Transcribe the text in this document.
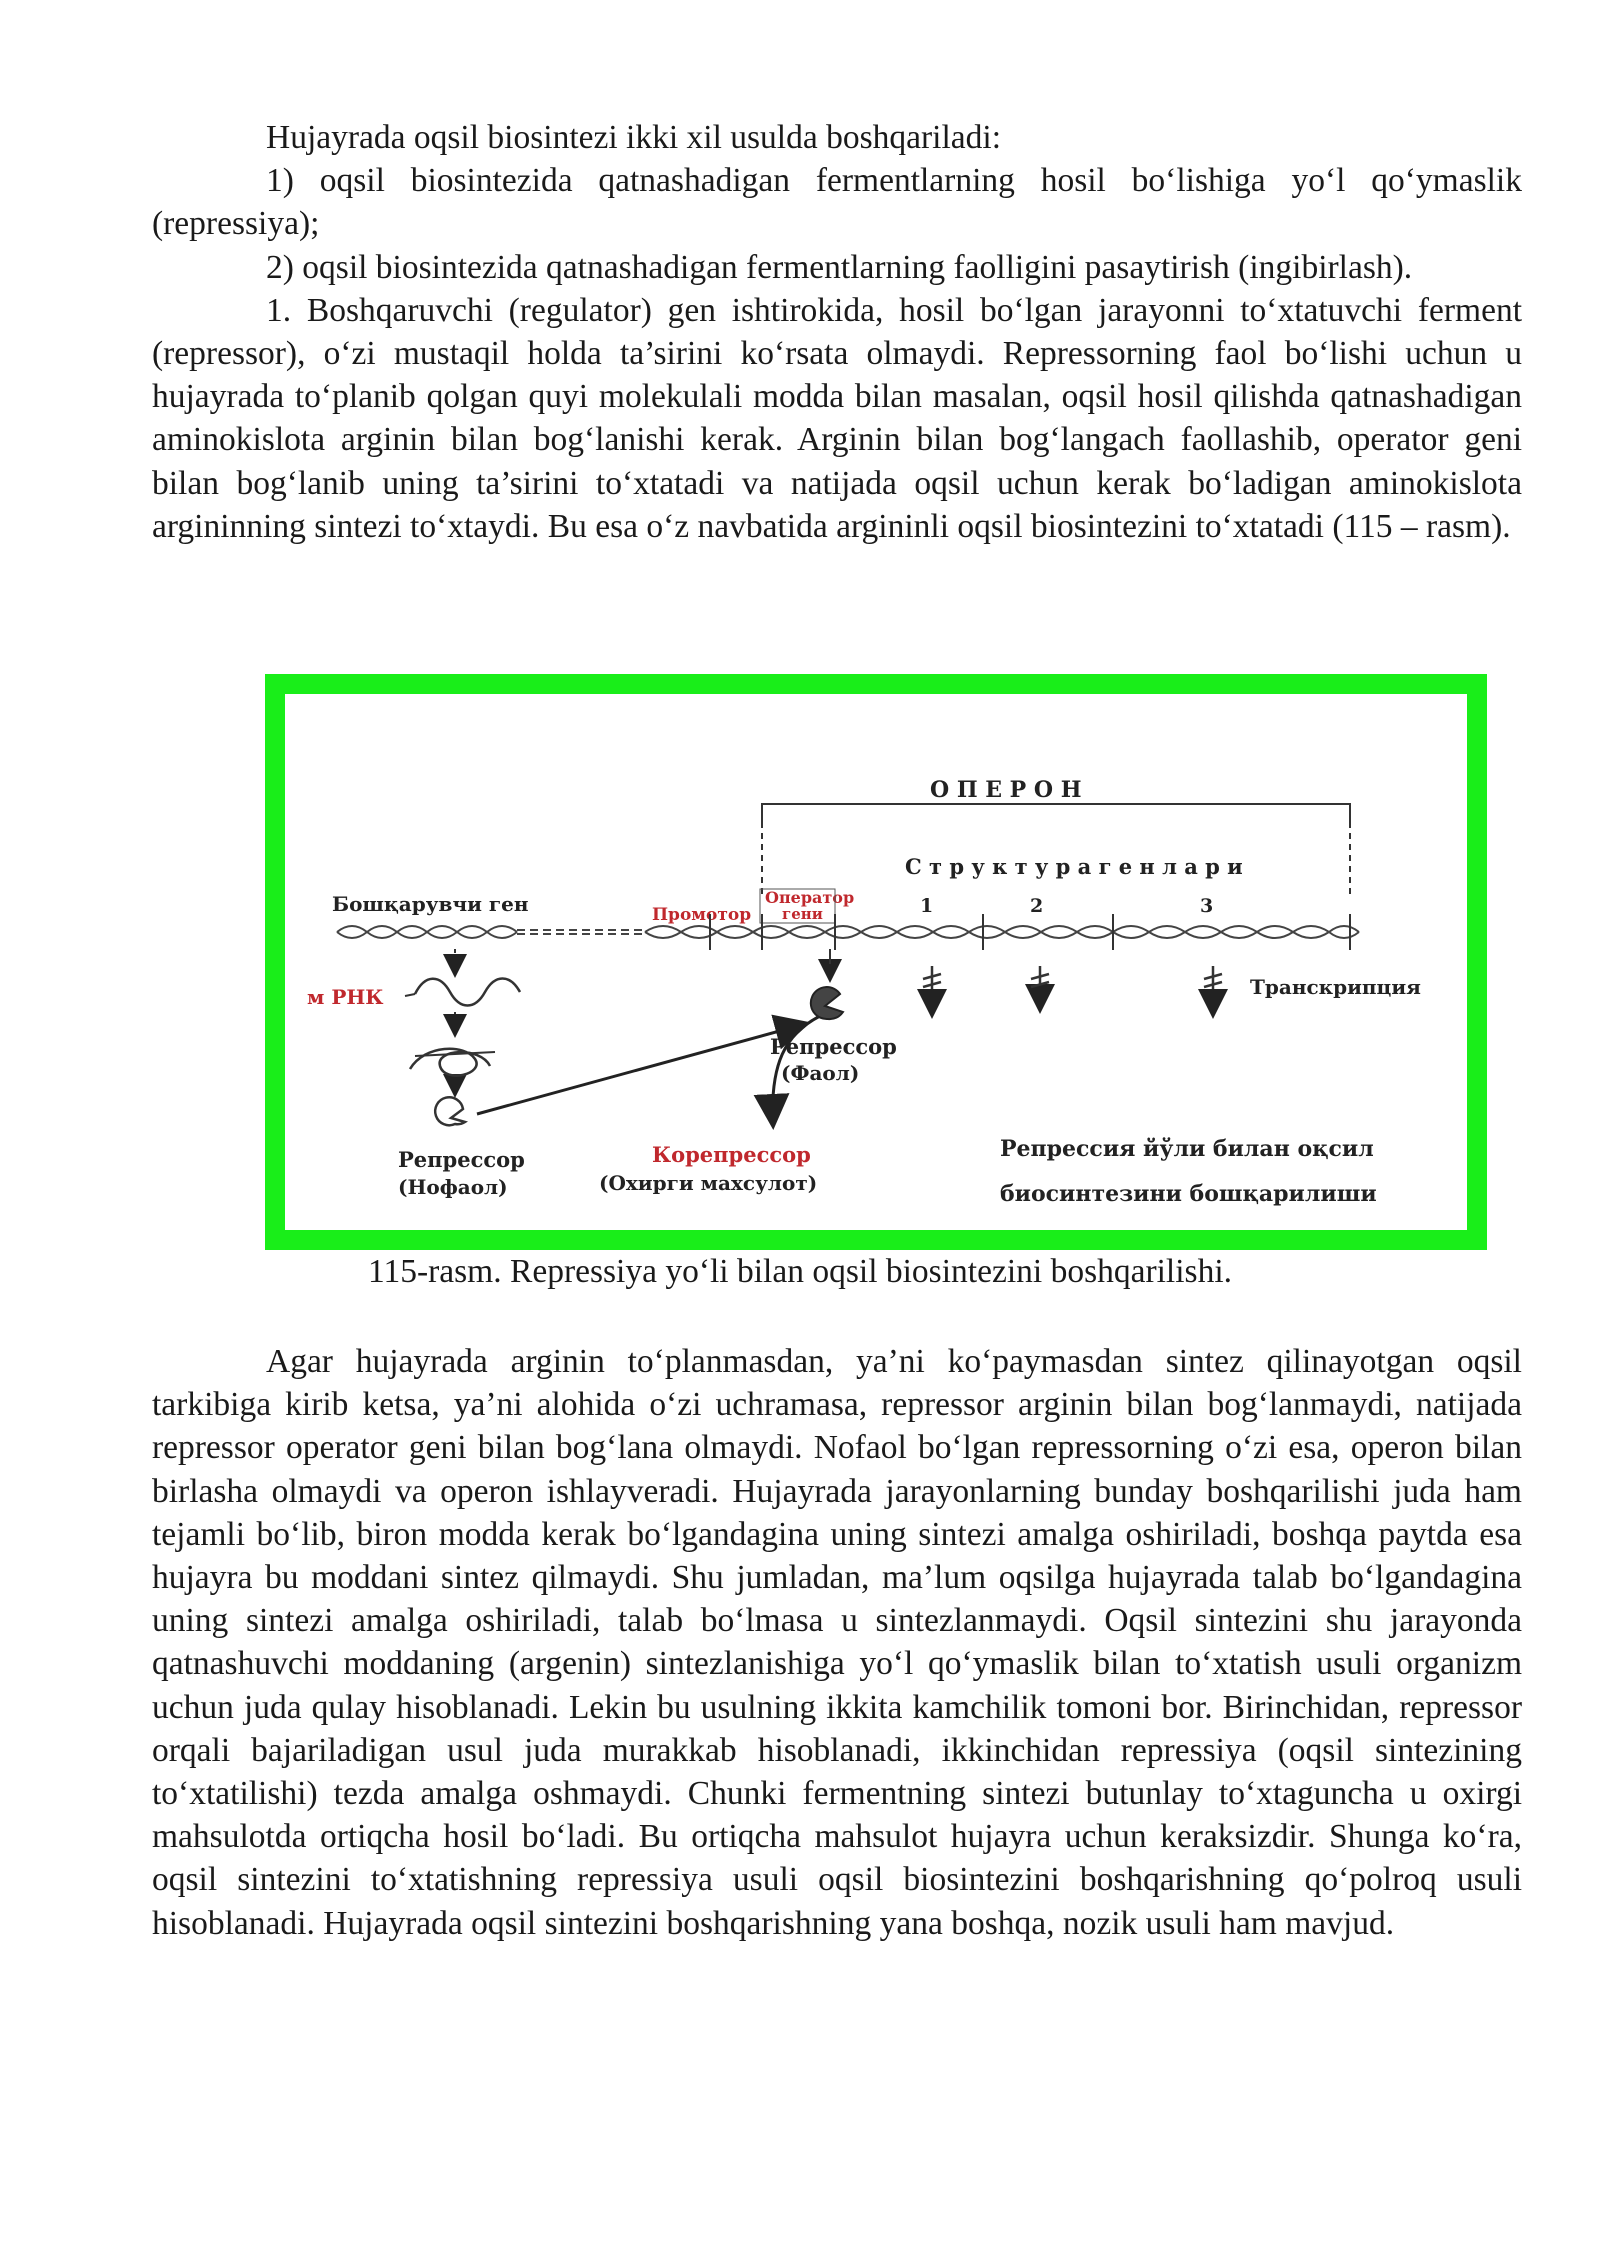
Hujayrada oqsil biosintezi ikki xil usulda boshqariladi:

1) oqsil biosintezida qatnashadigan fermentlarning hosil bo‘lishiga yo‘l qo‘ymaslik (repressiya);

2) oqsil biosintezida qatnashadigan fermentlarning faolligini pasaytirish (ingibirlash).

1. Boshqaruvchi (regulator) gen ishtirokida, hosil bo‘lgan jarayonni to‘xtatuvchi ferment (repressor), o‘zi mustaqil holda ta’sirini ko‘rsata olmaydi. Repressorning faol bo‘lishi uchun u hujayrada to‘planib qolgan quyi molekulali modda bilan masalan, oqsil hosil qilishda qatnashadigan aminokislota arginin bilan bog‘lanishi kerak. Arginin bilan bog‘langach faollashib, operator geni bilan bog‘lanib uning ta’sirini to‘xtatadi va natijada oqsil uchun kerak bo‘ladigan aminokislota argininning sintezi to‘xtaydi. Bu esa o‘z navbatida argininli oqsil biosintezini to‘xtatadi (115 – rasm).

О П Е Р О Н
С т р у к т у р а г е н л а р и
Бошқарувчи ген	Промотор
Оператор
гени	1	2	3
м РНК	Транскрипция
Репрессор
(Фаол)
Репрессор
(Нофаол)
Корепрессор
(Охирги махсулот)
Репрессия йўли билан оқсил
биосинтезини бошқарилиши
115-rasm. Repressiya yo‘li bilan oqsil biosintezini boshqarilishi.

Agar hujayrada arginin to‘planmasdan, ya’ni ko‘paymasdan sintez qilinayotgan oqsil tarkibiga kirib ketsa, ya’ni alohida o‘zi uchramasa, repressor arginin bilan bog‘lanmaydi, natijada repressor operator geni bilan bog‘lana olmaydi. Nofaol bo‘lgan repressorning o‘zi esa, operon bilan birlasha olmaydi va operon ishlayveradi. Hujayrada jarayonlarning bunday boshqarilishi juda ham tejamli bo‘lib, biron modda kerak bo‘lgandagina uning sintezi amalga oshiriladi, boshqa paytda esa hujayra bu moddani sintez qilmaydi. Shu jumladan, ma’lum oqsilga hujayrada talab bo‘lgandagina uning sintezi amalga oshiriladi, talab bo‘lmasa u sintezlanmaydi. Oqsil sintezini shu jarayonda qatnashuvchi moddaning (argenin) sintezlanishiga yo‘l qo‘ymaslik bilan to‘xtatish usuli organizm uchun juda qulay hisoblanadi. Lekin bu usulning ikkita kamchilik tomoni bor. Birinchidan, repressor orqali bajariladigan usul juda murakkab hisoblanadi, ikkinchidan repressiya (oqsil sintezining to‘xtatilishi) tezda amalga oshmaydi. Chunki fermentning sintezi butunlay to‘xtaguncha u oxirgi mahsulotda ortiqcha hosil bo‘ladi. Bu ortiqcha mahsulot hujayra uchun keraksizdir. Shunga ko‘ra, oqsil sintezini to‘xtatishning repressiya usuli oqsil biosintezini boshqarishning qo‘polroq usuli hisoblanadi. Hujayrada oqsil sintezini boshqarishning yana boshqa, nozik usuli ham mavjud.
